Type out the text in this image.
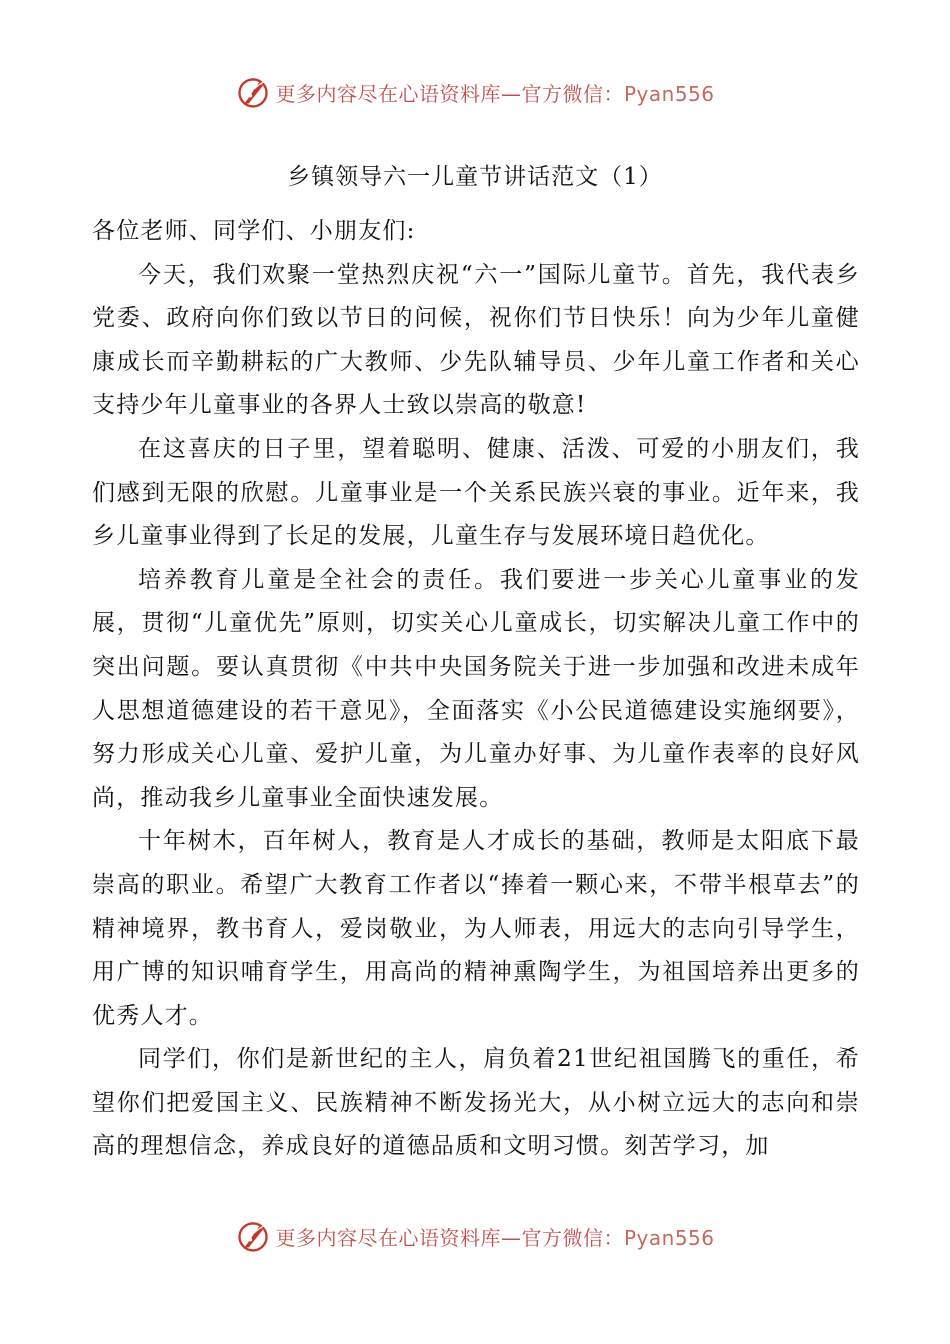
更多内容尽在心语资料库—官方微信：Pyan556
乡镇领导六一儿童节讲话范文（1）

各位老师、同学们、小朋友们:

今天，我们欢聚一堂热烈庆祝“六一”国际儿童节。首先，我代表乡党委、政府向你们致以节日的问候，祝你们节日快乐！向为少年儿童健康成长而辛勤耕耘的广大教师、少先队辅导员、少年儿童工作者和关心支持少年儿童事业的各界人士致以崇高的敬意!

在这喜庆的日子里，望着聪明、健康、活泼、可爱的小朋友们，我们感到无限的欣慰。儿童事业是一个关系民族兴衰的事业。近年来，我乡儿童事业得到了长足的发展，儿童生存与发展环境日趋优化。

培养教育儿童是全社会的责任。我们要进一步关心儿童事业的发展，贯彻“儿童优先”原则，切实关心儿童成长，切实解决儿童工作中的突出问题。要认真贯彻《中共中央国务院关于进一步加强和改进未成年人思想道德建设的若干意见》，全面落实《小公民道德建设实施纲要》，努力形成关心儿童、爱护儿童，为儿童办好事、为儿童作表率的良好风尚，推动我乡儿童事业全面快速发展。

十年树木，百年树人，教育是人才成长的基础，教师是太阳底下最崇高的职业。希望广大教育工作者以“捧着一颗心来，不带半根草去”的精神境界，教书育人，爱岗敬业，为人师表，用远大的志向引导学生，用广博的知识哺育学生，用高尚的精神熏陶学生，为祖国培养出更多的优秀人才。

同学们，你们是新世纪的主人，肩负着21世纪祖国腾飞的重任，希望你们把爱国主义、民族精神不断发扬光大，从小树立远大的志向和崇高的理想信念，养成良好的道德品质和文明习惯。刻苦学习，加

更多内容尽在心语资料库—官方微信：Pyan556
